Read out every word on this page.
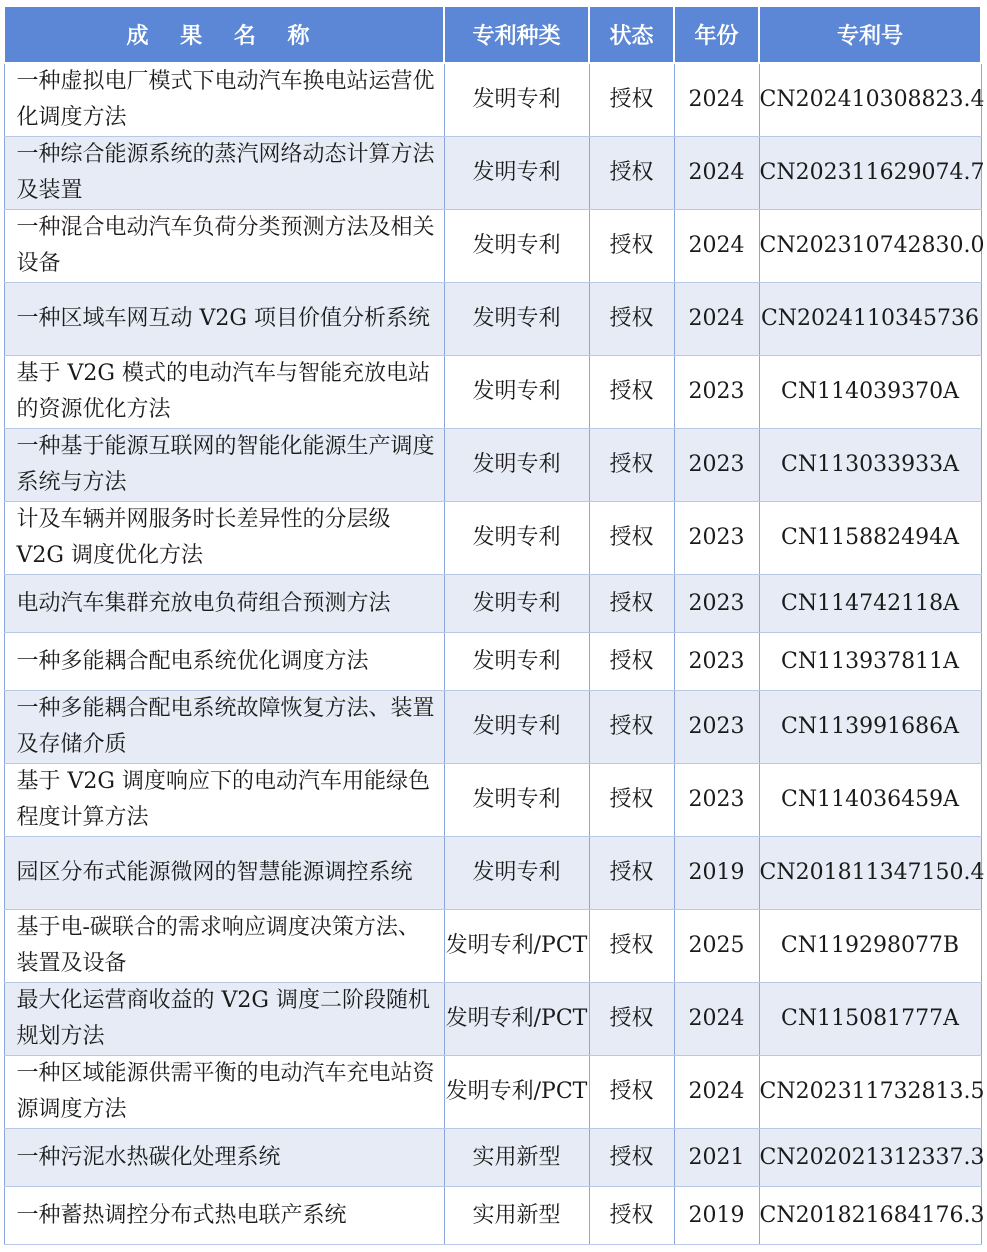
成 果 名 称	专利种类	状态	年份	专利号
一种虚拟电厂模式下电动汽车换电站运营优化调度方法	发明专利	授权	2024	CN202410308823.4
一种综合能源系统的蒸汽网络动态计算方法及装置	发明专利	授权	2024	CN202311629074.7
一种混合电动汽车负荷分类预测方法及相关设备	发明专利	授权	2024	CN202310742830.0
一种区域车网互动 V2G 项目价值分析系统	发明专利	授权	2024	CN2024110345736
基于 V2G 模式的电动汽车与智能充放电站的资源优化方法	发明专利	授权	2023	CN114039370A
一种基于能源互联网的智能化能源生产调度系统与方法	发明专利	授权	2023	CN113033933A
计及车辆并网服务时长差异性的分层级 V2G 调度优化方法	发明专利	授权	2023	CN115882494A
电动汽车集群充放电负荷组合预测方法	发明专利	授权	2023	CN114742118A
一种多能耦合配电系统优化调度方法	发明专利	授权	2023	CN113937811A
一种多能耦合配电系统故障恢复方法、装置及存储介质	发明专利	授权	2023	CN113991686A
基于 V2G 调度响应下的电动汽车用能绿色程度计算方法	发明专利	授权	2023	CN114036459A
园区分布式能源微网的智慧能源调控系统	发明专利	授权	2019	CN201811347150.4
基于电-碳联合的需求响应调度决策方法、装置及设备	发明专利/PCT	授权	2025	CN119298077B
最大化运营商收益的 V2G 调度二阶段随机规划方法	发明专利/PCT	授权	2024	CN115081777A
一种区域能源供需平衡的电动汽车充电站资源调度方法	发明专利/PCT	授权	2024	CN202311732813.5
一种污泥水热碳化处理系统	实用新型	授权	2021	CN202021312337.3
一种蓄热调控分布式热电联产系统	实用新型	授权	2019	CN201821684176.3
